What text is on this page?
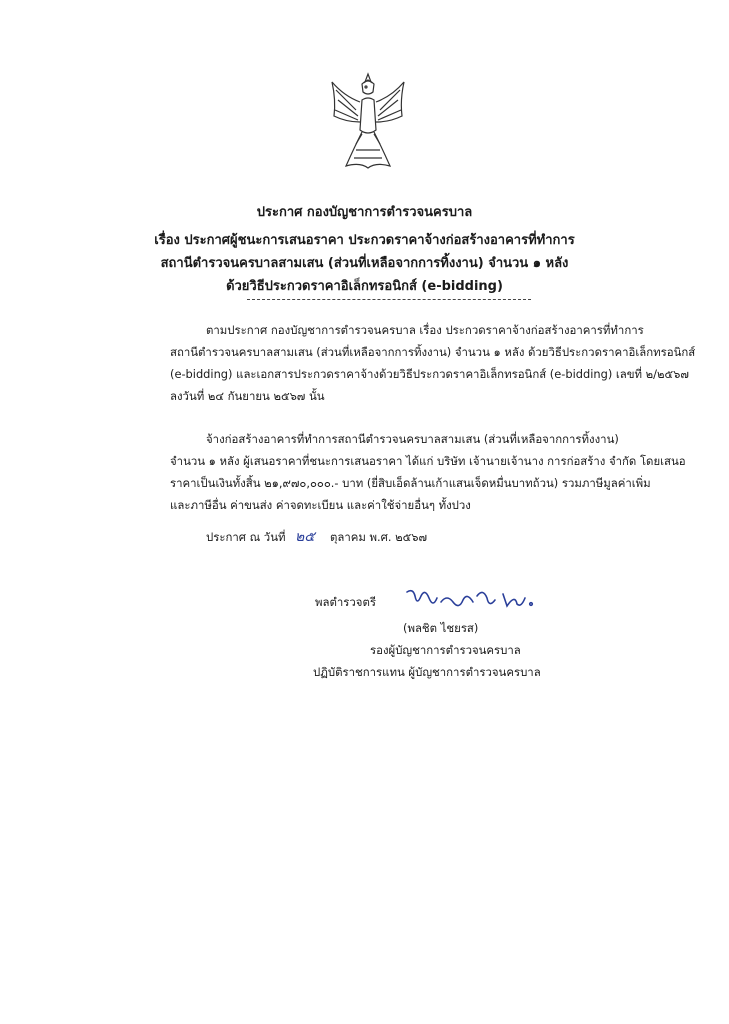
ประกาศ กองบัญชาการตำรวจนครบาล
เรื่อง ประกาศผู้ชนะการเสนอราคา ประกวดราคาจ้างก่อสร้างอาคารที่ทำการ
สถานีตำรวจนครบาลสามเสน (ส่วนที่เหลือจากการทิ้งงาน) จำนวน ๑ หลัง
ด้วยวิธีประกวดราคาอิเล็กทรอนิกส์ (e-bidding)
ตามประกาศ กองบัญชาการตำรวจนครบาล เรื่อง ประกวดราคาจ้างก่อสร้างอาคารที่ทำการ
สถานีตำรวจนครบาลสามเสน (ส่วนที่เหลือจากการทิ้งงาน) จำนวน ๑ หลัง ด้วยวิธีประกวดราคาอิเล็กทรอนิกส์
(e-bidding) และเอกสารประกวดราคาจ้างด้วยวิธีประกวดราคาอิเล็กทรอนิกส์ (e-bidding) เลขที่ ๒/๒๕๖๗
ลงวันที่ ๒๔ กันยายน ๒๕๖๗ นั้น
จ้างก่อสร้างอาคารที่ทำการสถานีตำรวจนครบาลสามเสน (ส่วนที่เหลือจากการทิ้งงาน)
จำนวน ๑ หลัง ผู้เสนอราคาที่ชนะการเสนอราคา ได้แก่ บริษัท เจ้านายเจ้านาง การก่อสร้าง จำกัด โดยเสนอ
ราคาเป็นเงินทั้งสิ้น ๒๑,๙๗๐,๐๐๐.- บาท (ยี่สิบเอ็ดล้านเก้าแสนเจ็ดหมื่นบาทถ้วน) รวมภาษีมูลค่าเพิ่ม
และภาษีอื่น ค่าขนส่ง ค่าจดทะเบียน และค่าใช้จ่ายอื่นๆ ทั้งปวง
ประกาศ ณ วันที่ ๒๕ ตุลาคม พ.ศ. ๒๕๖๗
พลตำรวจตรี
(พลชิต ไชยรส)
รองผู้บัญชาการตำรวจนครบาล
ปฏิบัติราชการแทน ผู้บัญชาการตำรวจนครบาล
